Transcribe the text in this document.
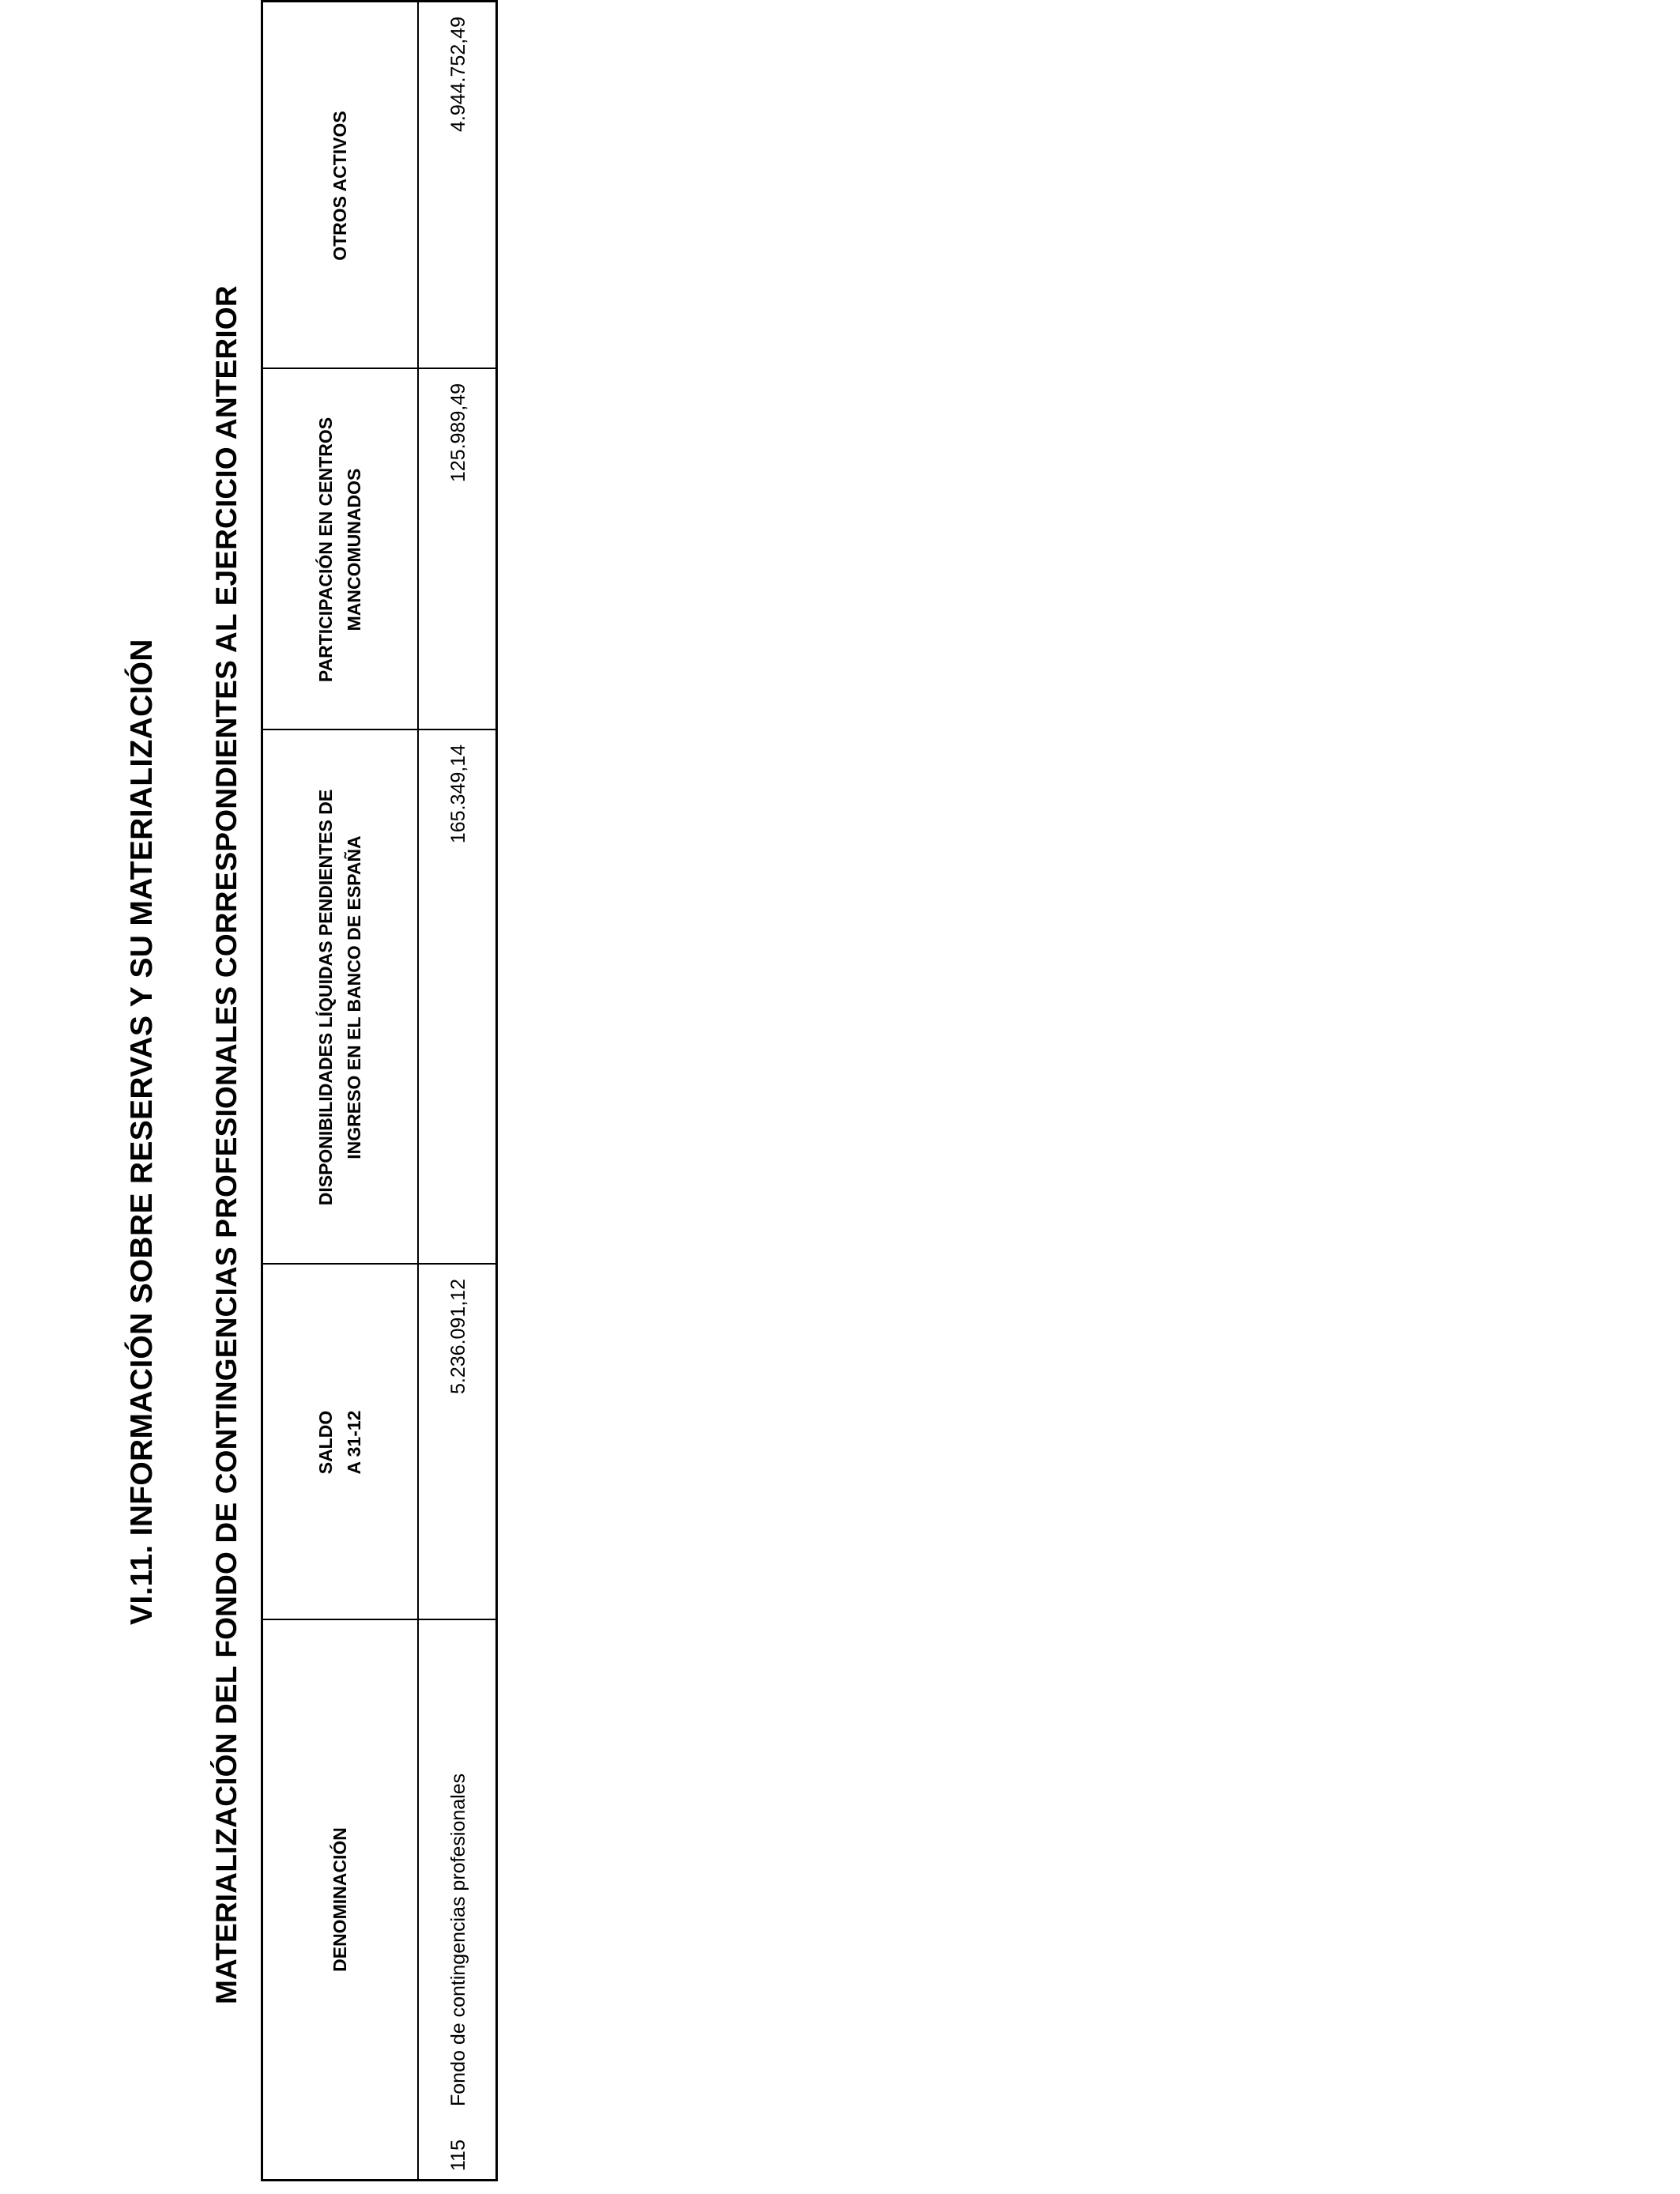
VI.11. INFORMACIÓN SOBRE RESERVAS Y SU MATERIALIZACIÓN MATERIALIZACIÓN DEL FONDO DE CONTINGENCIAS PROFESIONALES CORRESPONDIENTES AL EJERCICIO ANTERIOR	DENOMINACIÓN
SALDO A 31-12
DISPONIBILIDADES LÍQUIDAS PENDIENTES DE INGRESO EN EL BANCO DE ESPAÑA
PARTICIPACIÓN EN CENTROS MANCOMUNADOS
OTROS ACTIVOS
115
Fondo de contingencias profesionales
5.236.091,12
165.349,14
125.989,49
4.944.752,49
